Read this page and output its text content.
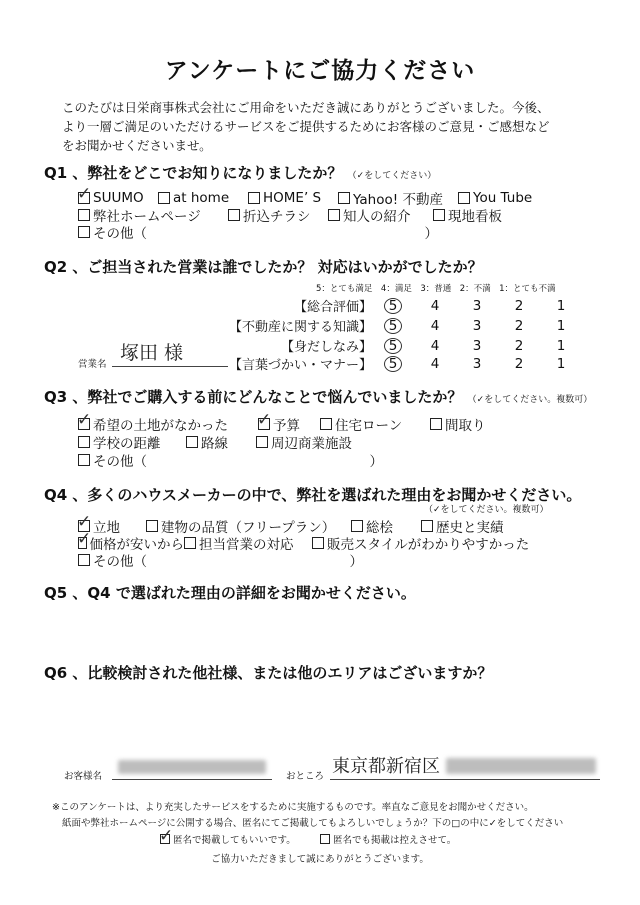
アンケートにご協力ください
このたびは日栄商事株式会社にご用命をいただき誠にありがとうございました。今後、
より一層ご満足のいただけるサービスをご提供するためにお客様のご意見・ご感想など
をお聞かせくださいませ。
Q1 、弊社をどこでお知りになりましたか？ （✓をしてください）
✓
SUUMO at home	HOME’ S Yahoo! 不動産 You Tube
弊社ホームページ	折込チラシ 知人の紹介	現地看板
その他（	）
Q2 、ご担当された営業は誰でしたか？ 対応はいかがでしたか？
5：とても満足　4：満足　3：普通　2：不満　1：とても不満
【総合評価】	5	4	3	2	1
【不動産に関する知識】	5	4	3	2	1
【身だしなみ】	5	4	3	2	1
【言葉づかい・マナー】	5	4	3	2	1
営業名
塚田 様
Q3 、弊社でご購入する前にどんなことで悩んでいましたか？ （✓をしてください。複数可）
✓
希望の土地がなかった
✓	予算	住宅ローン	間取り
学校の距離	路線	周辺商業施設
その他（	）
Q4 、多くのハウスメーカーの中で、弊社を選ばれた理由をお聞かせください。
（✓をしてください。複数可）
✓
立地	建物の品質（フリープラン） 総桧	歴史と実績
✓
価格が安いから 担当営業の対応 販売スタイルがわかりやすかった
その他（	）
Q5 、Q4 で選ばれた理由の詳細をお聞かせください。
Q6 、比較検討された他社様、または他のエリアはございますか？
お客様名	おところ 東京都新宿区
※このアンケートは、より充実したサービスをするために実施するものです。率直なご意見をお聞かせください。
紙面や弊社ホームページに公開する場合、匿名にてご掲載してもよろしいでしょうか？下の□の中に✓をしてください
✓
匿名で掲載してもいいです。	匿名でも掲載は控えさせて。
ご協力いただきまして誠にありがとうございます。
